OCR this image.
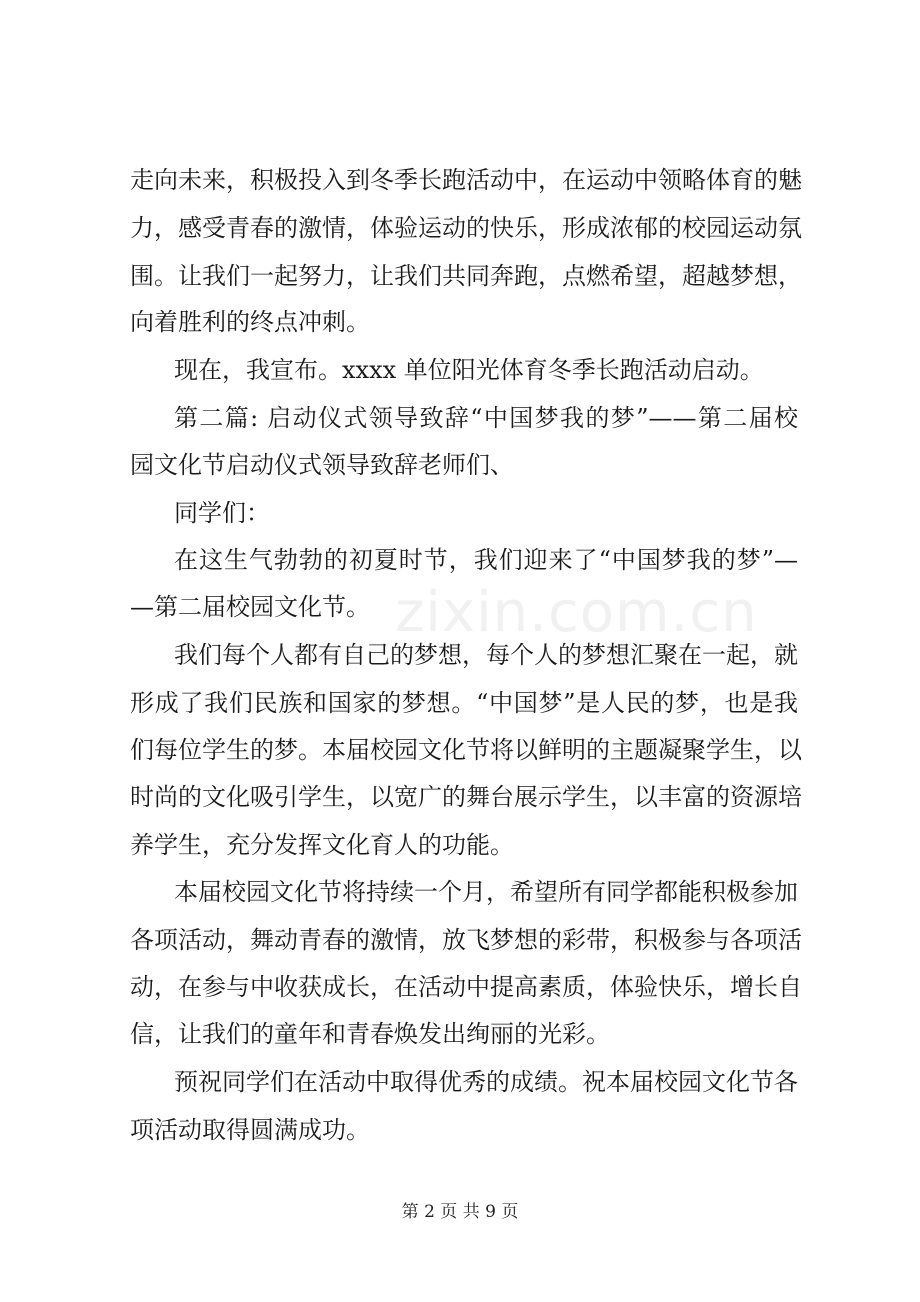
走向未来，积极投入到冬季长跑活动中，在运动中领略体育的魅
力，感受青春的激情，体验运动的快乐，形成浓郁的校园运动氛
围。让我们一起努力，让我们共同奔跑，点燃希望，超越梦想，
向着胜利的终点冲刺。
现在，我宣布。xxxx 单位阳光体育冬季长跑活动启动。
第二篇: 启动仪式领导致辞“中国梦我的梦”——第二届校
园文化节启动仪式领导致辞老师们、
同学们：
在这生气勃勃的初夏时节，我们迎来了“中国梦我的梦”—
—第二届校园文化节。
我们每个人都有自己的梦想，每个人的梦想汇聚在一起，就
形成了我们民族和国家的梦想。“中国梦”是人民的梦，也是我
们每位学生的梦。本届校园文化节将以鲜明的主题凝聚学生，以
时尚的文化吸引学生，以宽广的舞台展示学生，以丰富的资源培
养学生，充分发挥文化育人的功能。
本届校园文化节将持续一个月，希望所有同学都能积极参加
各项活动，舞动青春的激情，放飞梦想的彩带，积极参与各项活
动，在参与中收获成长，在活动中提高素质，体验快乐，增长自
信，让我们的童年和青春焕发出绚丽的光彩。
预祝同学们在活动中取得优秀的成绩。祝本届校园文化节各
项活动取得圆满成功。
zixin.com.cn
第 2 页 共 9 页
